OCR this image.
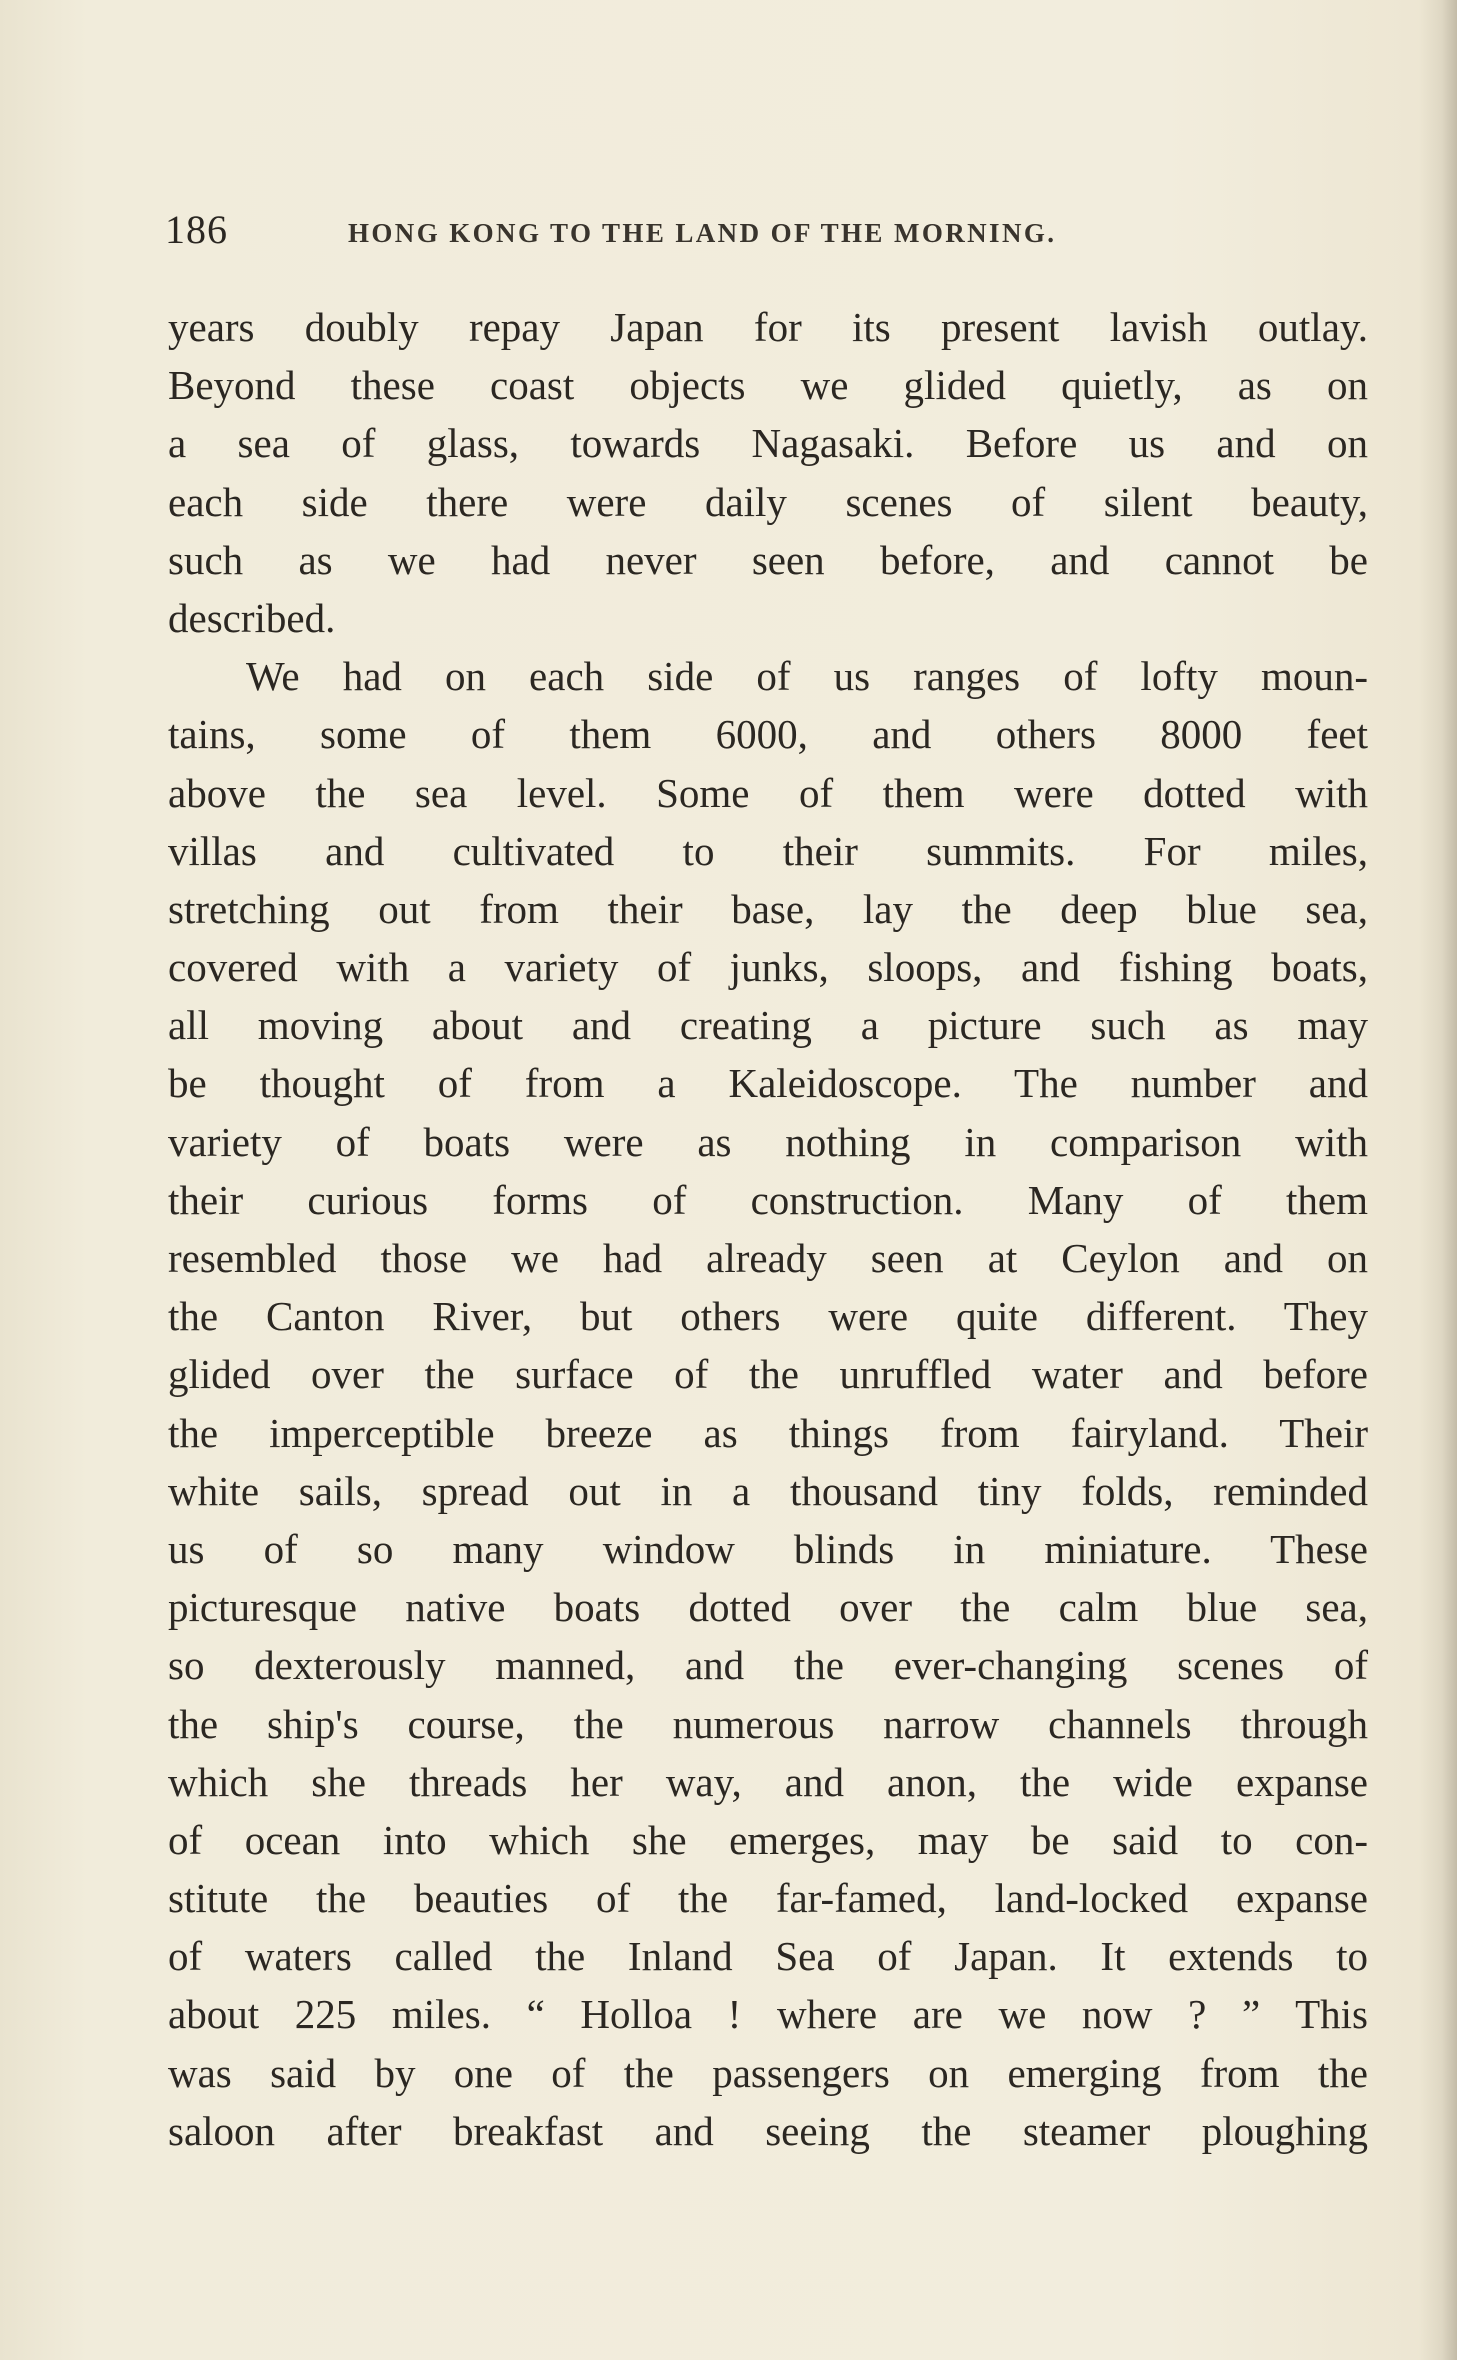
186	HONG KONG TO THE LAND OF THE MORNING.
years doubly repay Japan for its present lavish outlay.
Beyond these coast objects we glided quietly, as on
a sea of glass, towards Nagasaki. Before us and on
each side there were daily scenes of silent beauty,
such as we had never seen before, and cannot be
described.
We had on each side of us ranges of lofty moun-
tains, some of them 6000, and others 8000 feet
above the sea level. Some of them were dotted with
villas and cultivated to their summits. For miles,
stretching out from their base, lay the deep blue sea,
covered with a variety of junks, sloops, and fishing boats,
all moving about and creating a picture such as may
be thought of from a Kaleidoscope. The number and
variety of boats were as nothing in comparison with
their curious forms of construction. Many of them
resembled those we had already seen at Ceylon and on
the Canton River, but others were quite different. They
glided over the surface of the unruffled water and before
the imperceptible breeze as things from fairyland. Their
white sails, spread out in a thousand tiny folds, reminded
us of so many window blinds in miniature. These
picturesque native boats dotted over the calm blue sea,
so dexterously manned, and the ever-changing scenes of
the ship's course, the numerous narrow channels through
which she threads her way, and anon, the wide expanse
of ocean into which she emerges, may be said to con-
stitute the beauties of the far-famed, land-locked expanse
of waters called the Inland Sea of Japan. It extends to
about 225 miles. “ Holloa ! where are we now ? ” This
was said by one of the passengers on emerging from the
saloon after breakfast and seeing the steamer ploughing
